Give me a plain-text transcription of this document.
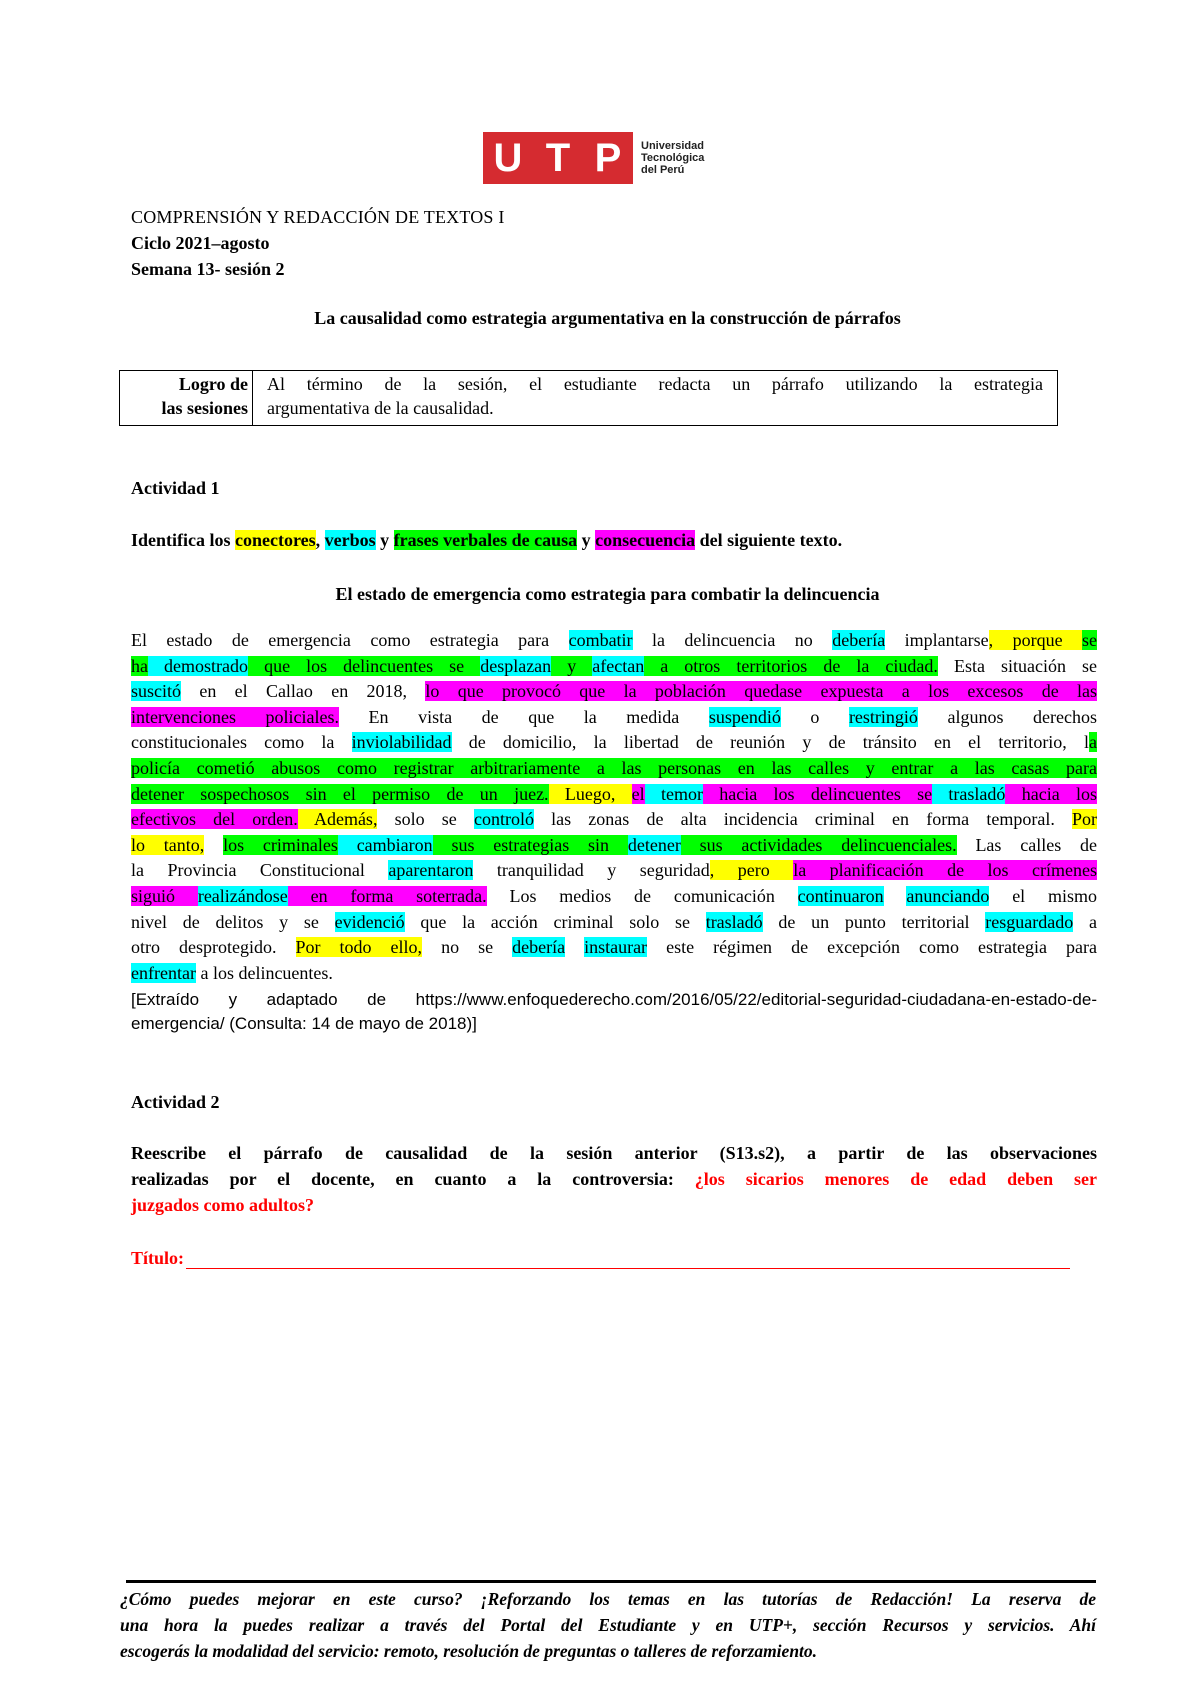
U T P	Universidad
Tecnológica
del Perú
COMPRENSIÓN Y REDACCIÓN DE TEXTOS I
Ciclo 2021–agosto
Semana 13- sesión 2
La causalidad como estrategia argumentativa en la construcción de párrafos
Logro de
las sesiones
Al término de la sesión, el estudiante redacta un párrafo utilizando la estrategia
argumentativa de la causalidad.
Actividad 1
Identifica los conectores, verbos y frases verbales de causa y consecuencia del siguiente texto.
El estado de emergencia como estrategia para combatir la delincuencia
El estado de emergencia como estrategia para combatir la delincuencia no debería implantarse, porque se
ha demostrado que los delincuentes se desplazan y afectan a otros territorios de la ciudad. Esta situación se
suscitó en el Callao en 2018, lo que provocó que la población quedase expuesta a los excesos de las
intervenciones policiales. En vista de que la medida suspendió o restringió algunos derechos
constitucionales como la inviolabilidad de domicilio, la libertad de reunión y de tránsito en el territorio, la
policía cometió abusos como registrar arbitrariamente a las personas en las calles y entrar a las casas para
detener sospechosos sin el permiso de un juez. Luego, el temor hacia los delincuentes se trasladó hacia los
efectivos del orden. Además, solo se controló las zonas de alta incidencia criminal en forma temporal. Por
lo tanto, los criminales cambiaron sus estrategias sin detener sus actividades delincuenciales. Las calles de
la Provincia Constitucional aparentaron tranquilidad y seguridad, pero la planificación de los crímenes
siguió realizándose en forma soterrada. Los medios de comunicación continuaron anunciando el mismo
nivel de delitos y se evidenció que la acción criminal solo se trasladó de un punto territorial resguardado a
otro desprotegido. Por todo ello, no se debería instaurar este régimen de excepción como estrategia para
enfrentar a los delincuentes.
[Extraído y adaptado de https://www.enfoquederecho.com/2016/05/22/editorial-seguridad-ciudadana-en-estado-de-
emergencia/ (Consulta: 14 de mayo de 2018)]
Actividad 2
Reescribe el párrafo de causalidad de la sesión anterior (S13.s2), a partir de las observaciones
realizadas por el docente, en cuanto a la controversia: ¿los sicarios menores de edad deben ser
juzgados como adultos?
Título:
¿Cómo puedes mejorar en este curso? ¡Reforzando los temas en las tutorías de Redacción! La reserva de
una hora la puedes realizar a través del Portal del Estudiante y en UTP+, sección Recursos y servicios. Ahí
escogerás la modalidad del servicio: remoto, resolución de preguntas o talleres de reforzamiento.
